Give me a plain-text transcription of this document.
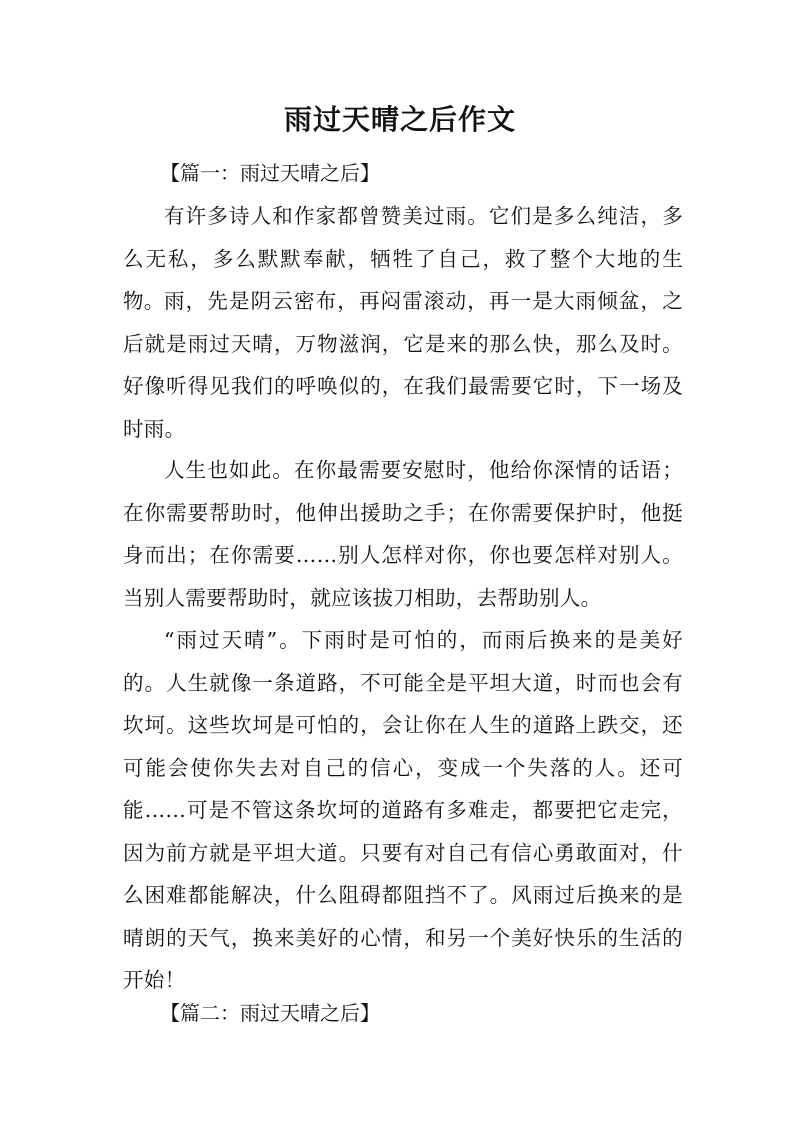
雨过天晴之后作文
【篇一：雨过天晴之后】
有许多诗人和作家都曾赞美过雨。它们是多么纯洁，多么无私，多么默默奉献，牺牲了自己，救了整个大地的生物。 雨，先是阴云密布，再闷雷滚动，再一是大雨倾盆，之后就是雨过天晴，万物滋润，它是来的那么快，那么及时。好像听得见我们的呼唤似的，在我们最需要它时，下一场及时雨。
人生也如此。在你最需要安慰时，他给你深情的话语；在你需要帮助时，他伸出援助之手；在你需要保护时，他挺身而出；在你需要……别人怎样对你，你也要怎样对别人。当别人需要帮助时，就应该拔刀相助，去帮助别人。
“雨过天晴”。下雨时是可怕的，而雨后换来的是美好的。人生就像一条道路，不可能全是平坦大道，时而也会有坎坷。这些坎坷是可怕的，会让你在人生的道路上跌交，还可能会使你失去对自己的信心，变成一个失落的人。还可能……可是不管这条坎坷的道路有多难走，都要把它走完，因为前方就是平坦大道。只要有对自己有信心勇敢面对，什么困难都能解决，什么阻碍都阻挡不了。风雨过后换来的是晴朗的天气，换来美好的心情，和另一个美好快乐的生活的开始！
【篇二：雨过天晴之后】
